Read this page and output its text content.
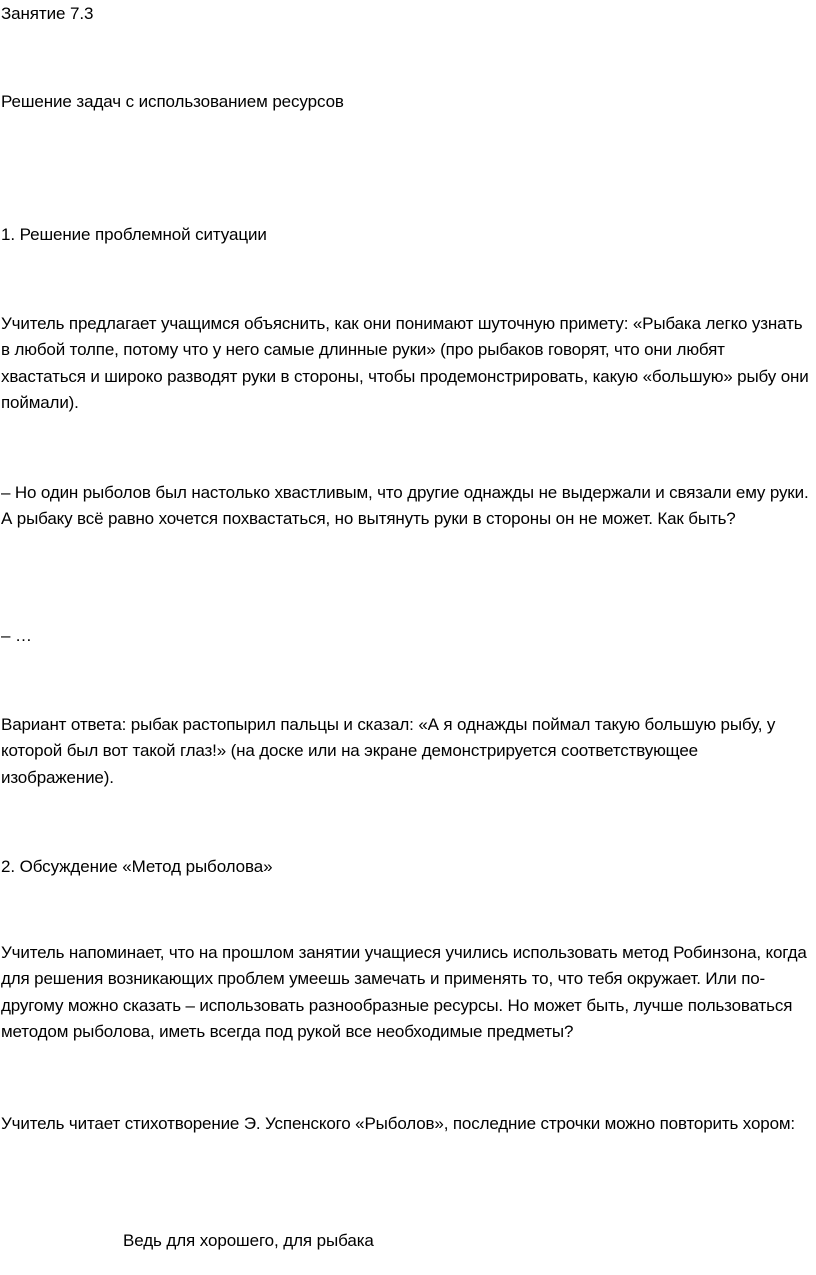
Занятие 7.3

Решение задач с использованием ресурсов

1. Решение проблемной ситуации

Учитель предлагает учащимся объяснить, как они понимают шуточную примету: «Рыбака легко узнать в любой толпе, потому что у него самые длинные руки» (про рыбаков говорят, что они любят хвастаться и широко разводят руки в стороны, чтобы продемонстрировать, какую «большую» рыбу они поймали).

– Но один рыболов был настолько хвастливым, что другие однажды не выдержали и связали ему руки. А рыбаку всё равно хочется похвастаться, но вытянуть руки в стороны он не может. Как быть?

– …

Вариант ответа: рыбак растопырил пальцы и сказал: «А я однажды поймал такую большую рыбу, у которой был вот такой глаз!» (на доске или на экране демонстрируется соответствующее изображение).

2. Обсуждение «Метод рыболова»

Учитель напоминает, что на прошлом занятии учащиеся учились использовать метод Робинзона, когда для решения возникающих проблем умеешь замечать и применять то, что тебя окружает. Или по-другому можно сказать – использовать разнообразные ресурсы. Но может быть, лучше пользоваться методом рыболова, иметь всегда под рукой все необходимые предметы?

Учитель читает стихотворение Э. Успенского «Рыболов», последние строчки можно повторить хором:

Ведь для хорошего, для рыбака
